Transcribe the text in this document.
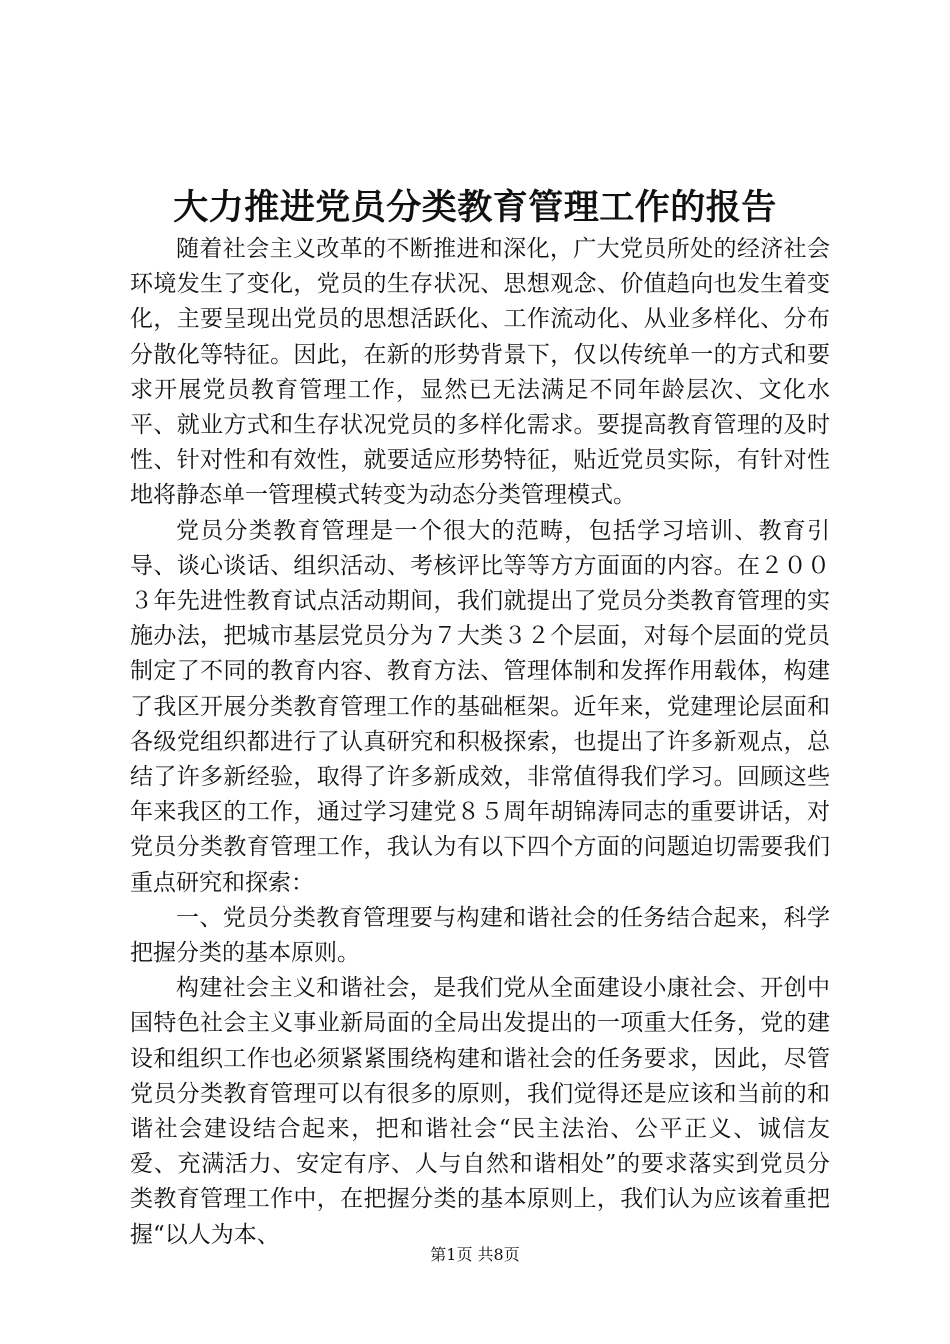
大力推进党员分类教育管理工作的报告

随着社会主义改革的不断推进和深化，广大党员所处的经济社会环境发生了变化，党员的生存状况、思想观念、价值趋向也发生着变化，主要呈现出党员的思想活跃化、工作流动化、从业多样化、分布分散化等特征。因此，在新的形势背景下，仅以传统单一的方式和要求开展党员教育管理工作，显然已无法满足不同年龄层次、文化水平、就业方式和生存状况党员的多样化需求。要提高教育管理的及时性、针对性和有效性，就要适应形势特征，贴近党员实际，有针对性地将静态单一管理模式转变为动态分类管理模式。

党员分类教育管理是一个很大的范畴，包括学习培训、教育引导、谈心谈话、组织活动、考核评比等等方方面面的内容。在２００３年先进性教育试点活动期间，我们就提出了党员分类教育管理的实施办法，把城市基层党员分为７大类３２个层面，对每个层面的党员制定了不同的教育内容、教育方法、管理体制和发挥作用载体，构建了我区开展分类教育管理工作的基础框架。近年来，党建理论层面和各级党组织都进行了认真研究和积极探索，也提出了许多新观点，总结了许多新经验，取得了许多新成效，非常值得我们学习。回顾这些年来我区的工作，通过学习建党８５周年胡锦涛同志的重要讲话，对党员分类教育管理工作，我认为有以下四个方面的问题迫切需要我们重点研究和探索：

一、党员分类教育管理要与构建和谐社会的任务结合起来，科学把握分类的基本原则。

构建社会主义和谐社会，是我们党从全面建设小康社会、开创中国特色社会主义事业新局面的全局出发提出的一项重大任务，党的建设和组织工作也必须紧紧围绕构建和谐社会的任务要求，因此，尽管党员分类教育管理可以有很多的原则，我们觉得还是应该和当前的和谐社会建设结合起来，把和谐社会“民主法治、公平正义、诚信友爱、充满活力、安定有序、人与自然和谐相处”的要求落实到党员分类教育管理工作中，在把握分类的基本原则上，我们认为应该着重把握“以人为本、

第1页 共8页
